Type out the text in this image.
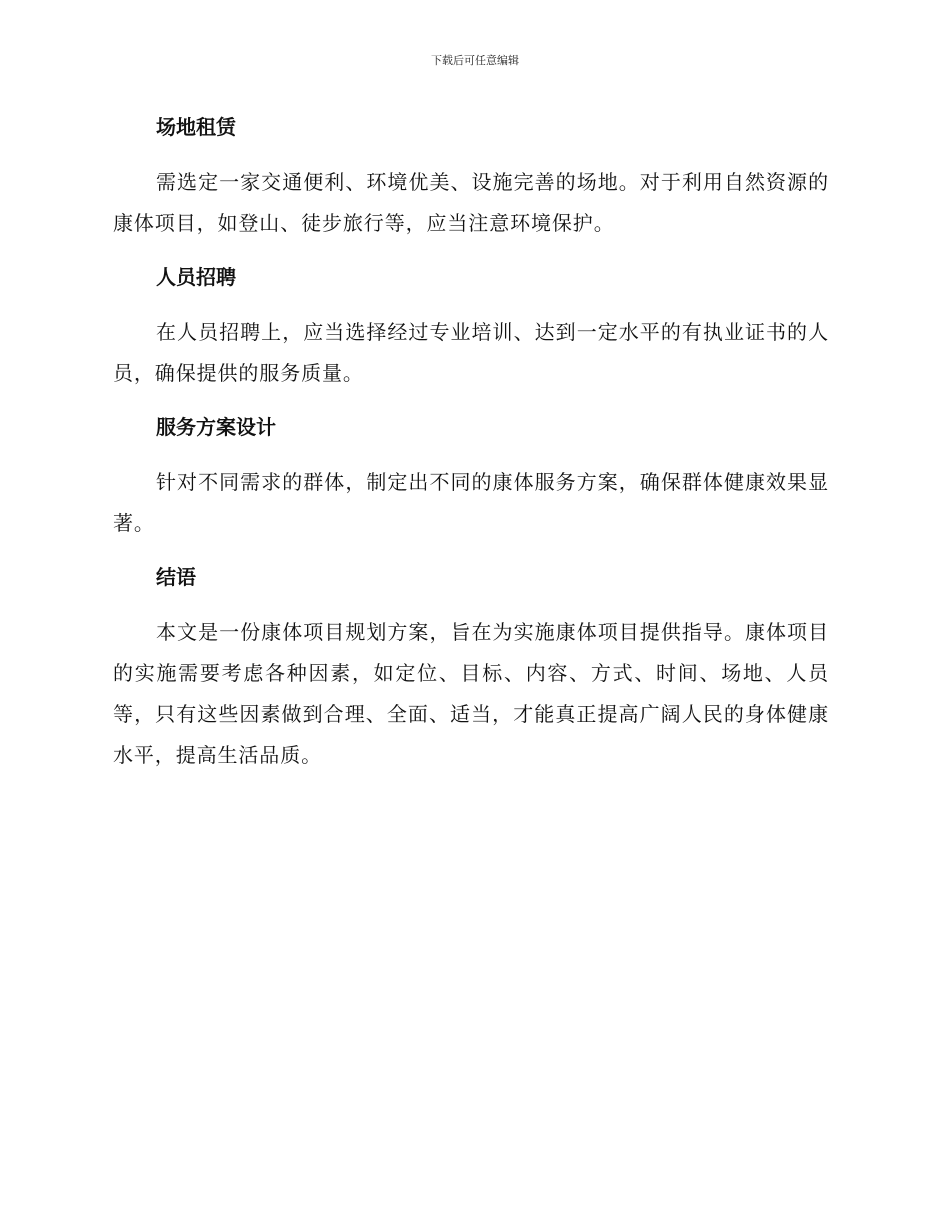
下载后可任意编辑
场地租赁

需选定一家交通便利、环境优美、设施完善的场地。对于利用自然资源的康体项目，如登山、徒步旅行等，应当注意环境保护。

人员招聘

在人员招聘上，应当选择经过专业培训、达到一定水平的有执业证书的人员，确保提供的服务质量。

服务方案设计

针对不同需求的群体，制定出不同的康体服务方案，确保群体健康效果显著。

结语

本文是一份康体项目规划方案，旨在为实施康体项目提供指导。康体项目的实施需要考虑各种因素，如定位、目标、内容、方式、时间、场地、人员等，只有这些因素做到合理、全面、适当，才能真正提高广阔人民的身体健康水平，提高生活品质。
